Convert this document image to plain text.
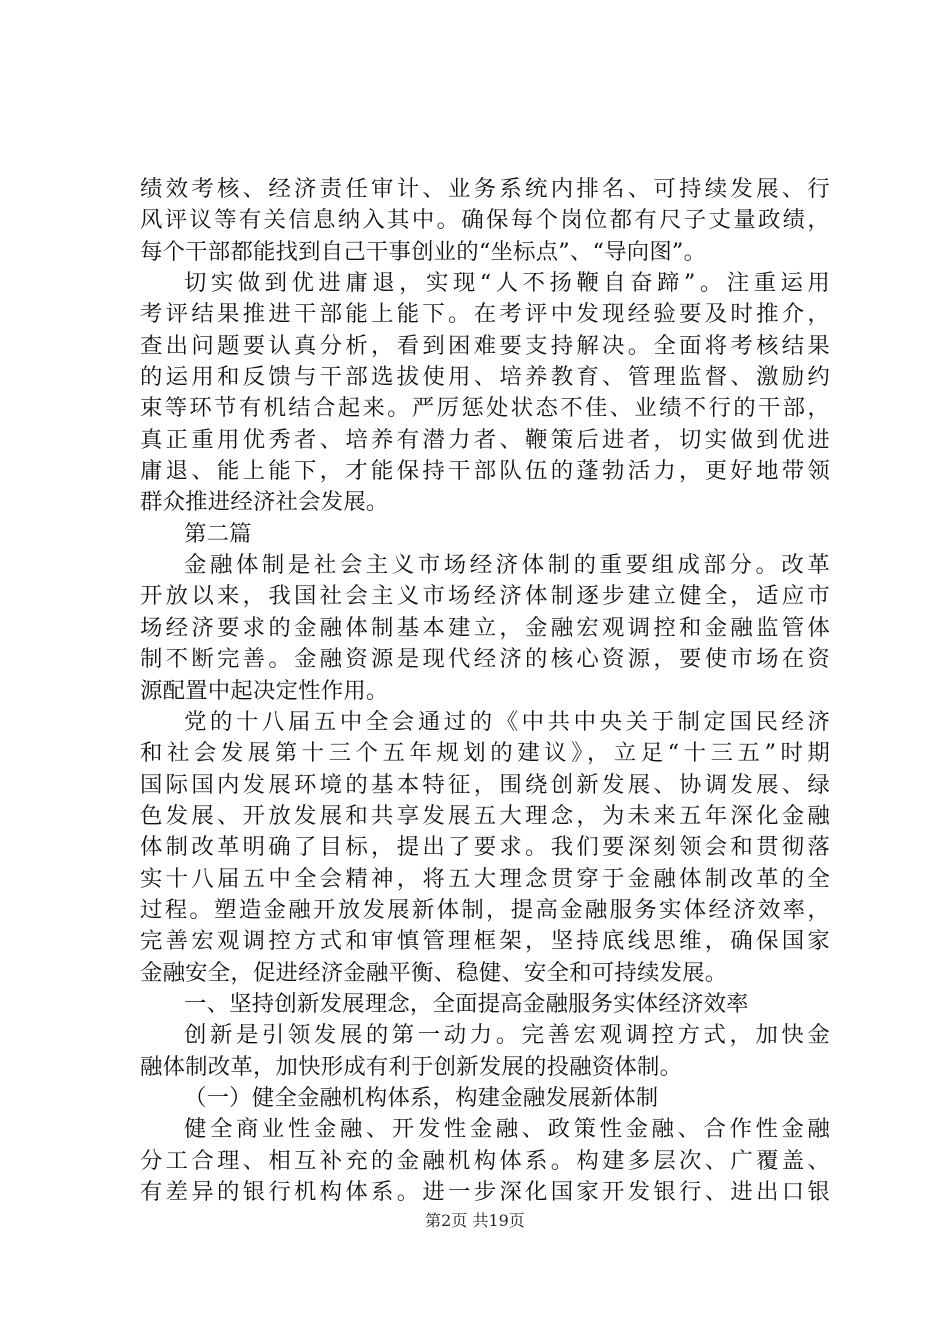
绩效考核、经济责任审计、业务系统内排名、可持续发展、行
风评议等有关信息纳入其中。确保每个岗位都有尺子丈量政绩，
每个干部都能找到自己干事创业的“坐标点”、“导向图”。
切实做到优进庸退，实现“人不扬鞭自奋蹄”。注重运用
考评结果推进干部能上能下。在考评中发现经验要及时推介，
查出问题要认真分析，看到困难要支持解决。全面将考核结果
的运用和反馈与干部选拔使用、培养教育、管理监督、激励约
束等环节有机结合起来。严厉惩处状态不佳、业绩不行的干部，
真正重用优秀者、培养有潜力者、鞭策后进者，切实做到优进
庸退、能上能下，才能保持干部队伍的蓬勃活力，更好地带领
群众推进经济社会发展。
第二篇
金融体制是社会主义市场经济体制的重要组成部分。改革
开放以来，我国社会主义市场经济体制逐步建立健全，适应市
场经济要求的金融体制基本建立，金融宏观调控和金融监管体
制不断完善。金融资源是现代经济的核心资源，要使市场在资
源配置中起决定性作用。
党的十八届五中全会通过的《中共中央关于制定国民经济
和社会发展第十三个五年规划的建议》，立足“十三五”时期
国际国内发展环境的基本特征，围绕创新发展、协调发展、绿
色发展、开放发展和共享发展五大理念，为未来五年深化金融
体制改革明确了目标，提出了要求。我们要深刻领会和贯彻落
实十八届五中全会精神，将五大理念贯穿于金融体制改革的全
过程。塑造金融开放发展新体制，提高金融服务实体经济效率，
完善宏观调控方式和审慎管理框架，坚持底线思维，确保国家
金融安全，促进经济金融平衡、稳健、安全和可持续发展。
一、坚持创新发展理念，全面提高金融服务实体经济效率
创新是引领发展的第一动力。完善宏观调控方式，加快金
融体制改革，加快形成有利于创新发展的投融资体制。
（一）健全金融机构体系，构建金融发展新体制
健全商业性金融、开发性金融、政策性金融、合作性金融
分工合理、相互补充的金融机构体系。构建多层次、广覆盖、
有差异的银行机构体系。进一步深化国家开发银行、进出口银
第2页 共19页
